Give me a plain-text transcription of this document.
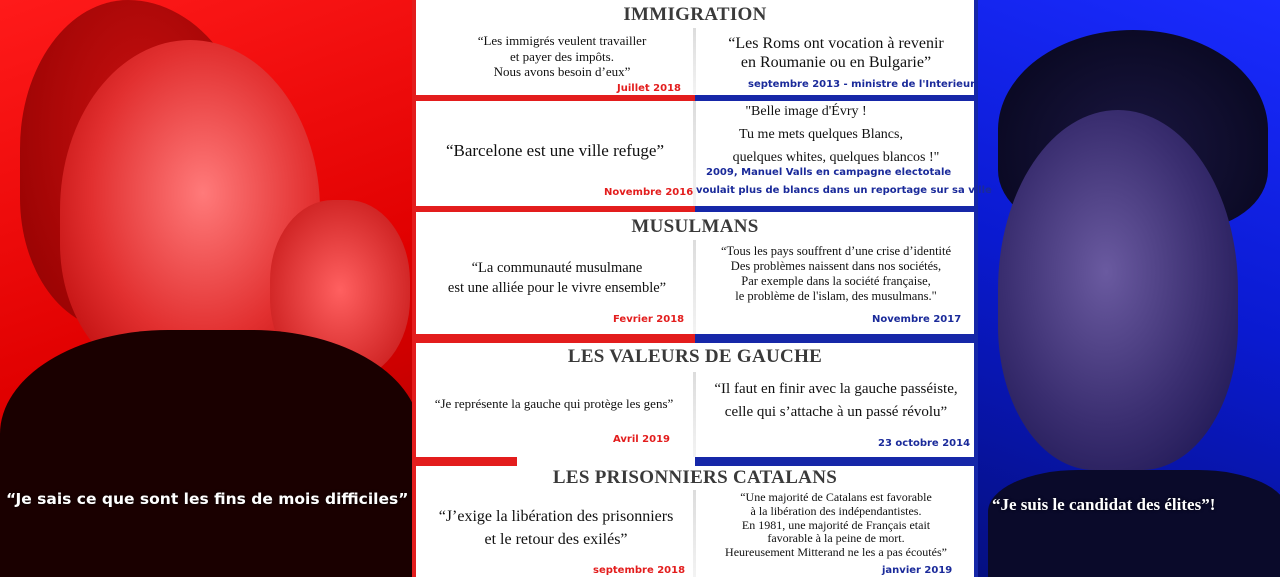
“Je sais ce que sont les fins de mois difficiles”	“Je suis le candidat des élites”!
IMMIGRATION
“Les immigrés veulent travailler
et payer des impôts.
Nous avons besoin d’eux”
Juillet 2018
“Les Roms ont vocation à revenir
en Roumanie ou en Bulgarie”
septembre 2013 - ministre de l'Interieur
“Barcelone est une ville refuge”
Novembre 2016
"Belle image d'Évry !
Tu me mets quelques Blancs,
quelques whites, quelques blancos !"
2009, Manuel Valls en campagne electotale
voulait plus de blancs dans un reportage sur sa ville
MUSULMANS
“La communauté musulmane
est une alliée pour le vivre ensemble”
Fevrier 2018
“Tous les pays souffrent d’une crise d’identité
Des problèmes naissent dans nos sociétés,
Par exemple dans la société française,
le problème de l'islam, des musulmans."
Novembre 2017
LES VALEURS DE GAUCHE
“Je représente la gauche qui protège les gens”
Avril 2019
“Il faut en finir avec la gauche passéiste,
celle qui s’attache à un passé révolu”
23 octobre 2014
LES PRISONNIERS CATALANS
“J’exige la libération des prisonniers
et le retour des exilés”
septembre 2018
“Une majorité de Catalans est favorable
à la libération des indépendantistes.
En 1981, une majorité de Français etait
favorable à la peine de mort.
Heureusement Mitterand ne les a pas écoutés”
janvier 2019
